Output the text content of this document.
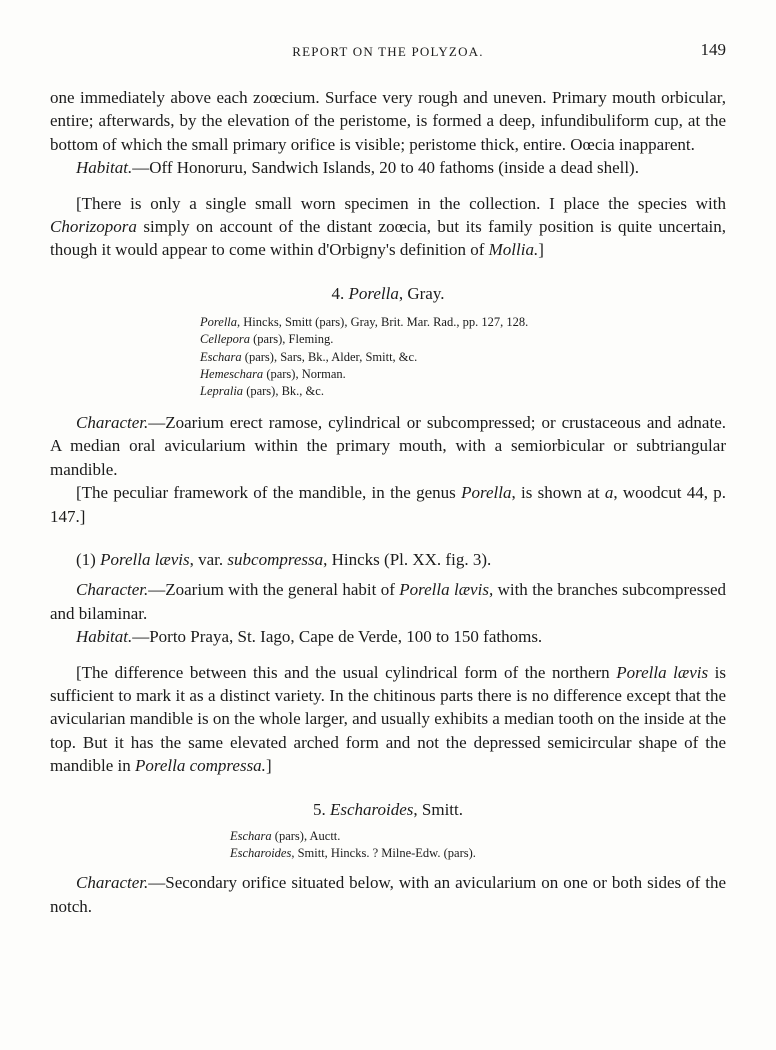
REPORT ON THE POLYZOA.	149

one immediately above each zoœcium. Surface very rough and uneven. Primary mouth orbicular, entire; afterwards, by the elevation of the peristome, is formed a deep, infundibuliform cup, at the bottom of which the small primary orifice is visible; peristome thick, entire. Oœcia inapparent.

Habitat.—Off Honoruru, Sandwich Islands, 20 to 40 fathoms (inside a dead shell).

[There is only a single small worn specimen in the collection. I place the species with Chorizopora simply on account of the distant zoœcia, but its family position is quite uncertain, though it would appear to come within d'Orbigny's definition of Mollia.]

4. Porella, Gray.

Porella, Hincks, Smitt (pars), Gray, Brit. Mar. Rad., pp. 127, 128.
Cellepora (pars), Fleming.
Eschara (pars), Sars, Bk., Alder, Smitt, &c.
Hemeschara (pars), Norman.
Lepralia (pars), Bk., &c.

Character.—Zoarium erect ramose, cylindrical or subcompressed; or crustaceous and adnate. A median oral avicularium within the primary mouth, with a semiorbicular or subtriangular mandible.

[The peculiar framework of the mandible, in the genus Porella, is shown at a, woodcut 44, p. 147.]

(1) Porella lævis, var. subcompressa, Hincks (Pl. XX. fig. 3).

Character.—Zoarium with the general habit of Porella lævis, with the branches subcompressed and bilaminar.

Habitat.—Porto Praya, St. Iago, Cape de Verde, 100 to 150 fathoms.

[The difference between this and the usual cylindrical form of the northern Porella lævis is sufficient to mark it as a distinct variety. In the chitinous parts there is no difference except that the avicularian mandible is on the whole larger, and usually exhibits a median tooth on the inside at the top. But it has the same elevated arched form and not the depressed semicircular shape of the mandible in Porella compressa.]

5. Escharoides, Smitt.

Eschara (pars), Auctt.
Escharoides, Smitt, Hincks. ? Milne-Edw. (pars).

Character.—Secondary orifice situated below, with an avicularium on one or both sides of the notch.
